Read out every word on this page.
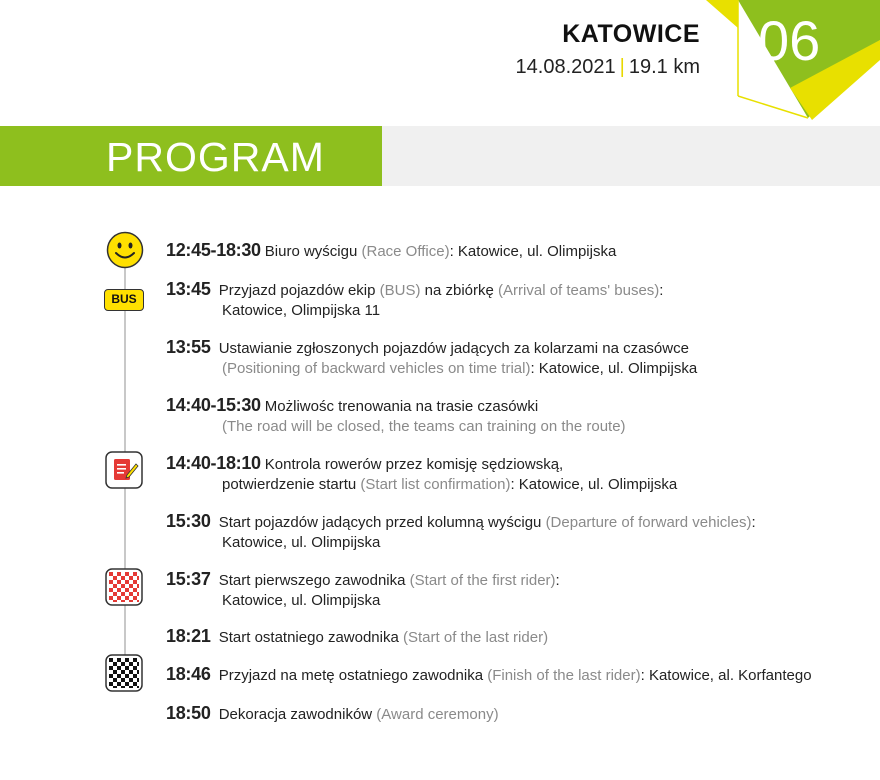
06
KATOWICE
14.08.2021 | 19.1 km
PROGRAM
BUS
12:45-18:30 Biuro wyścigu (Race Office): Katowice, ul. Olimpijska
13:45 Przyjazd pojazdów ekip (BUS) na zbiórkę (Arrival of teams' buses):
Katowice, Olimpijska 11
13:55 Ustawianie zgłoszonych pojazdów jadących za kolarzami na czasówce
(Positioning of backward vehicles on time trial): Katowice, ul. Olimpijska
14:40-15:30 Możliwośc trenowania na trasie czasówki
(The road will be closed, the teams can training on the route)
14:40-18:10 Kontrola rowerów przez komisję sędziowską,
potwierdzenie startu (Start list confirmation): Katowice, ul. Olimpijska
15:30 Start pojazdów jadących przed kolumną wyścigu (Departure of forward vehicles):
Katowice, ul. Olimpijska
15:37 Start pierwszego zawodnika (Start of the first rider):
Katowice, ul. Olimpijska
18:21 Start ostatniego zawodnika (Start of the last rider)
18:46 Przyjazd na metę ostatniego zawodnika (Finish of the last rider): Katowice, al. Korfantego
18:50 Dekoracja zawodników (Award ceremony)
